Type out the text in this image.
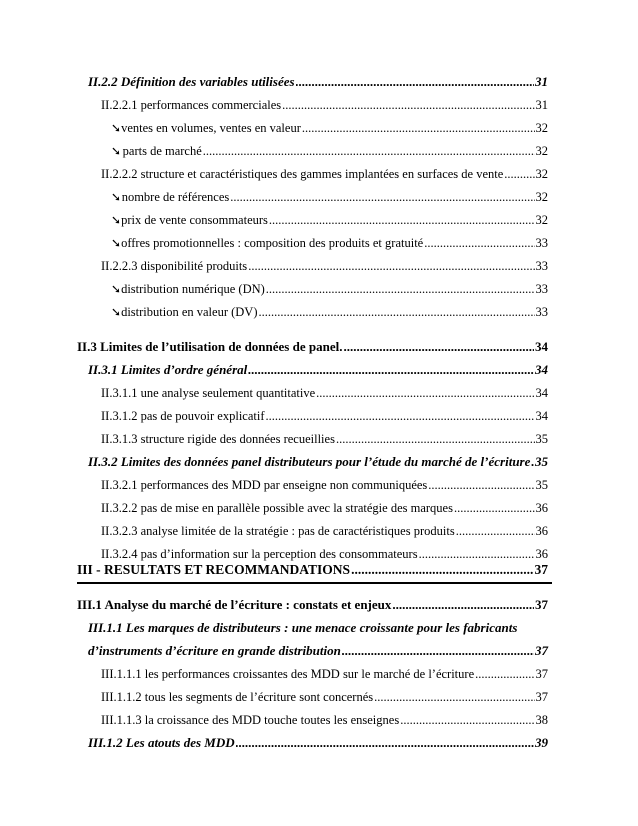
II.2.2 Définition des variables utilisées .....	31
II.2.2.1 performances commerciales .....	31
➘ ventes en volumes, ventes en valeur .....	32
➘ parts de marché .....	32
II.2.2.2 structure et caractéristiques des gammes implantées en surfaces de vente .....	32
➘ nombre de références .....	32
➘ prix de vente consommateurs .....	32
➘ offres promotionnelles : composition des produits et gratuité .....	33
II.2.2.3 disponibilité produits .....	33
➘ distribution numérique (DN) .....	33
➘ distribution en valeur (DV) .....	33
II.3 Limites de l’utilisation de données de panel. .....	34
II.3.1 Limites d’ordre général .....	34
II.3.1.1 une analyse seulement quantitative .....	34
II.3.1.2 pas de pouvoir explicatif .....	34
II.3.1.3 structure rigide des données recueillies .....	35
II.3.2 Limites des données panel distributeurs pour l’étude du marché de l’écriture ..... 35
II.3.2.1 performances des MDD par enseigne non communiquées .....	35
II.3.2.2 pas de mise en parallèle possible avec la stratégie des marques .....	36
II.3.2.3 analyse limitée de la stratégie : pas de caractéristiques produits .....	36
II.3.2.4 pas d’information sur la perception des consommateurs .....	36
III - RESULTATS ET RECOMMANDATIONS .....	37
III.1 Analyse du marché de l’écriture : constats et enjeux .....	37
III.1.1 Les marques de distributeurs : une menace croissante pour les fabricants
d’instruments d’écriture en grande distribution .....	37
III.1.1.1 les performances croissantes des MDD sur le marché de l’écriture .....	37
III.1.1.2 tous les segments de l’écriture sont concernés .....	37
III.1.1.3 la croissance des MDD touche toutes les enseignes .....	38
III.1.2 Les atouts des MDD .....	39
